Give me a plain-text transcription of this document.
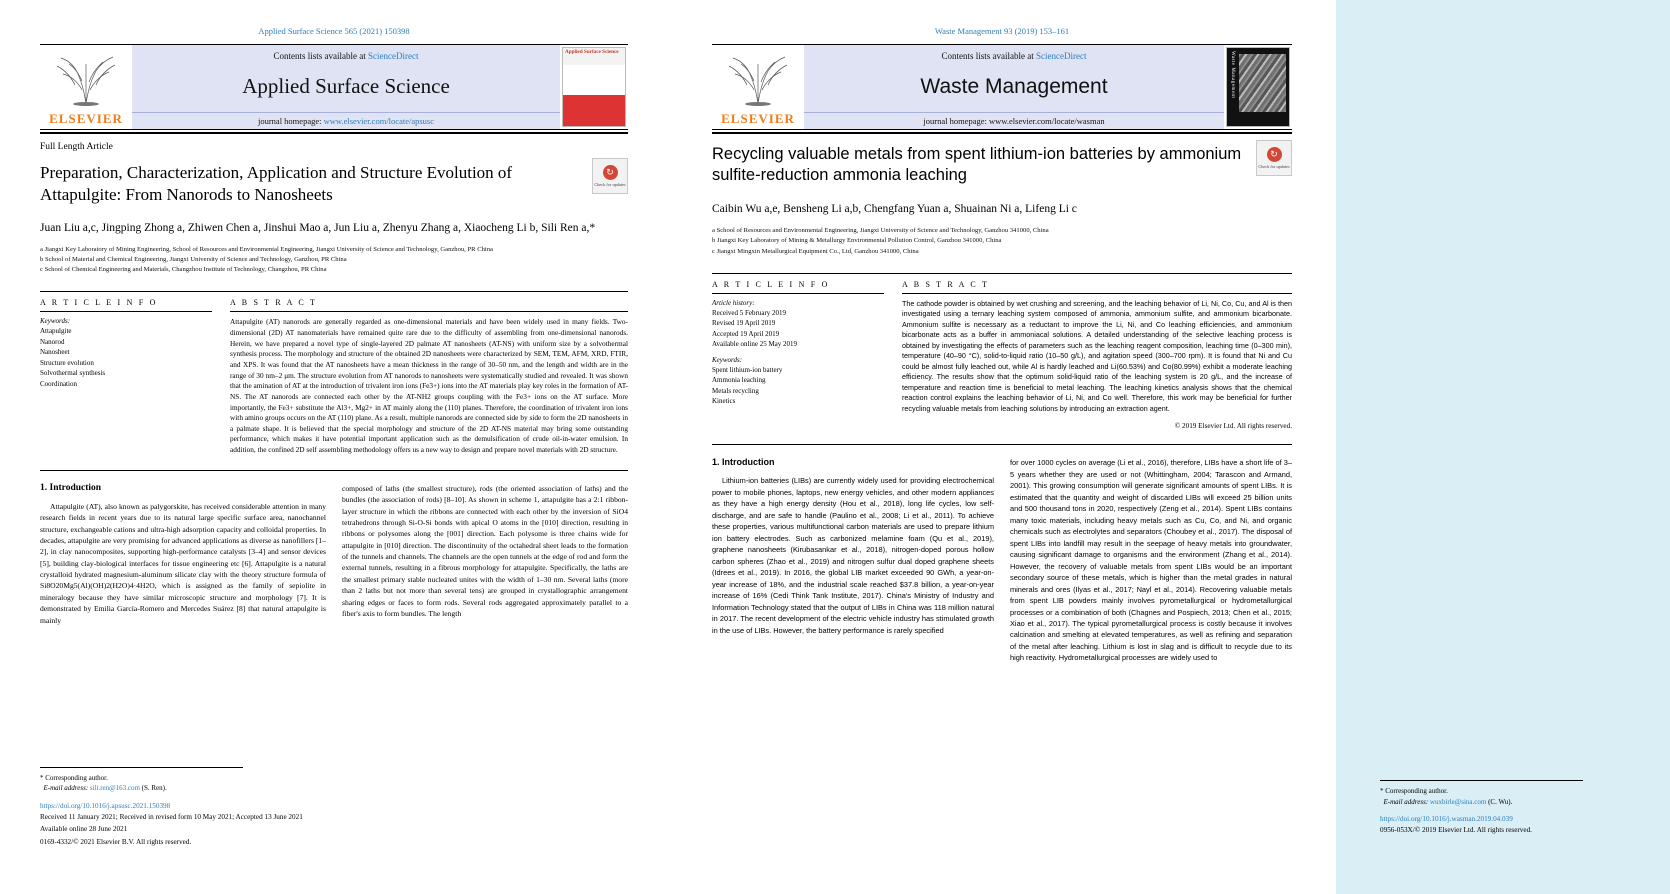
Applied Surface Science 565 (2021) 150398
ELSEVIER
Contents lists available at ScienceDirect
Applied Surface Science
journal homepage: www.elsevier.com/locate/apsusc
Applied Surface Science
Full Length Article
Preparation, Characterization, Application and Structure Evolution of Attapulgite: From Nanorods to Nanosheets
↻
Check for updates
Juan Liu a,c, Jingping Zhong a, Zhiwen Chen a, Jinshui Mao a, Jun Liu a, Zhenyu Zhang a, Xiaocheng Li b, Sili Ren a,*
a Jiangxi Key Laboratory of Mining Engineering, School of Resources and Environmental Engineering, Jiangxi University of Science and Technology, Ganzhou, PR China
b School of Material and Chemical Engineering, Jiangxi University of Science and Technology, Ganzhou, PR China
c School of Chemical Engineering and Materials, Changzhou Institute of Technology, Changzhou, PR China
A R T I C L E I N F O
Keywords:
Attapulgite
Nanorod
Nanosheet
Structure evolution
Solvothermal synthesis
Coordination
A B S T R A C T
Attapulgite (AT) nanorods are generally regarded as one-dimensional materials and have been widely used in many fields. Two-dimensional (2D) AT nanomaterials have remained quite rare due to the difficulty of assembling from one-dimensional nanorods. Herein, we have prepared a novel type of single-layered 2D palmate AT nanosheets (AT-NS) with uniform size by a solvothermal synthesis process. The morphology and structure of the obtained 2D nanosheets were characterized by SEM, TEM, AFM, XRD, FTIR, and XPS. It was found that the AT nanosheets have a mean thickness in the range of 30–50 nm, and the length and width are in the range of 30 nm–2 μm. The structure evolution from AT nanorods to nanosheets were systematically studied and revealed. It was shown that the amination of AT at the introduction of trivalent iron ions (Fe3+) ions into the AT materials play key roles in the formation of AT-NS. The AT nanorods are connected each other by the AT-NH2 groups coupling with the Fe3+ ions on the AT surface. More importantly, the Fe3+ substitute the Al3+, Mg2+ in AT mainly along the (110) planes. Therefore, the coordination of trivalent iron ions with amino groups occurs on the AT (110) plane. As a result, multiple nanorods are connected side by side to form the 2D nanosheets in a palmate shape. It is believed that the special morphology and structure of the 2D AT-NS material may bring some outstanding performance, which makes it have potential important application such as the demulsification of crude oil-in-water emulsion. In addition, the confined 2D self assembling methodology offers us a new way to design and prepare novel materials with 2D structure.
1. Introduction

Attapulgite (AT), also known as palygorskite, has received considerable attention in many research fields in recent years due to its natural large specific surface area, nanochannel structure, exchangeable cations and ultra-high adsorption capacity and colloidal properties. In decades, attapulgite are very promising for advanced applications as diverse as nanofillers [1–2], in clay nanocomposites, supporting high-performance catalysts [3–4] and sensor devices [5], building clay-biological interfaces for tissue engineering etc [6]. Attapulgite is a natural crystalloid hydrated magnesium-aluminum silicate clay with the theory structure formula of Si8O20Mg5(Al)(OH)2(H2O)4·4H2O, which is assigned as the family of sepiolite in mineralogy because they have similar microscopic structure and morphology [7]. It is demonstrated by Emilia García-Romero and Mercedes Suárez [8] that natural attapulgite is mainly

composed of laths (the smallest structure), rods (the oriented association of laths) and the bundles (the association of rods) [8–10]. As shown in scheme 1, attapulgite has a 2:1 ribbon-layer structure in which the ribbons are connected with each other by the inversion of SiO4 tetrahedrons through Si-O-Si bonds with apical O atoms in the [010] direction, resulting in ribbons or polysomes along the [001] direction. Each polysome is three chains wide for attapulgite in [010] direction. The discontinuity of the octahedral sheet leads to the formation of the tunnels and channels. The channels are the open tunnels at the edge of rod and form the external tunnels, resulting in a fibrous morphology for attapulgite. Specifically, the laths are the smallest primary stable nucleated unites with the width of 1–30 nm. Several laths (more than 2 laths but not more than several tens) are grouped in crystallographic arrangement sharing edges or faces to form rods. Several rods aggregated approximately parallel to a fiber's axis to form bundles. The length

* Corresponding author.
E-mail address: sili.ren@163.com (S. Ren).
https://doi.org/10.1016/j.apsusc.2021.150398
Received 11 January 2021; Received in revised form 10 May 2021; Accepted 13 June 2021
Available online 28 June 2021
0169-4332/© 2021 Elsevier B.V. All rights reserved.
Waste Management 93 (2019) 153–161
ELSEVIER
Contents lists available at ScienceDirect
Waste Management
journal homepage: www.elsevier.com/locate/wasman
Waste Management
Recycling valuable metals from spent lithium-ion batteries by ammonium sulfite-reduction ammonia leaching
↻
Check for updates
Caibin Wu a,e, Bensheng Li a,b, Chengfang Yuan a, Shuainan Ni a, Lifeng Li c
a School of Resources and Environmental Engineering, Jiangxi University of Science and Technology, Ganzhou 341000, China
b Jiangxi Key Laboratory of Mining & Metallurgy Environmental Pollution Control, Ganzhou 341000, China
c Jiangxi Mingxin Metallurgical Equipment Co., Ltd, Ganzhou 341000, China
A R T I C L E I N F O
Article history:
Received 5 February 2019
Revised 19 April 2019
Accepted 19 April 2019
Available online 25 May 2019
Keywords:
Spent lithium-ion battery
Ammonia leaching
Metals recycling
Kinetics
A B S T R A C T
The cathode powder is obtained by wet crushing and screening, and the leaching behavior of Li, Ni, Co, Cu, and Al is then investigated using a ternary leaching system composed of ammonia, ammonium sulfite, and ammonium bicarbonate. Ammonium sulfite is necessary as a reductant to improve the Li, Ni, and Co leaching efficiencies, and ammonium bicarbonate acts as a buffer in ammoniacal solutions. A detailed understanding of the selective leaching process is obtained by investigating the effects of parameters such as the leaching reagent composition, leaching time (0–300 min), temperature (40–90 °C), solid-to-liquid ratio (10–50 g/L), and agitation speed (300–700 rpm). It is found that Ni and Cu could be almost fully leached out, while Al is hardly leached and Li(60.53%) and Co(80.99%) exhibit a moderate leaching efficiency. The results show that the optimum solid-liquid ratio of the leaching system is 20 g/L, and the increase of temperature and reaction time is beneficial to metal leaching. The leaching kinetics analysis shows that the chemical reaction control explains the leaching behavior of Li, Ni, and Co well. Therefore, this work may be beneficial for further recycling valuable metals from leaching solutions by introducing an extraction agent.
© 2019 Elsevier Ltd. All rights reserved.
1. Introduction

Lithium-ion batteries (LIBs) are currently widely used for providing electrochemical power to mobile phones, laptops, new energy vehicles, and other modern appliances as they have a high energy density (Hou et al., 2018), long life cycles, low self-discharge, and are safe to handle (Paulino et al., 2008; Li et al., 2011). To achieve these properties, various multifunctional carbon materials are used to prepare lithium ion battery electrodes. Such as carbonized melamine foam (Qu et al., 2019), graphene nanosheets (Kirubasankar et al., 2018), nitrogen-doped porous hollow carbon spheres (Zhao et al., 2019) and nitrogen sulfur dual doped graphene sheets (Idrees et al., 2019). In 2016, the global LIB market exceeded 90 GWh, a year-on-year increase of 18%, and the industrial scale reached $37.8 billion, a year-on-year increase of 16% (Cedi Think Tank Institute, 2017). China's Ministry of Industry and Information Technology stated that the output of LIBs in China was 118 million natural in 2017. The recent development of the electric vehicle industry has stimulated growth in the use of LIBs. However, the battery performance is rarely specified

for over 1000 cycles on average (Li et al., 2016), therefore, LIBs have a short life of 3–5 years whether they are used or not (Whittingham, 2004; Tarascon and Armand, 2001). This growing consumption will generate significant amounts of spent LIBs. It is estimated that the quantity and weight of discarded LIBs will exceed 25 billion units and 500 thousand tons in 2020, respectively (Zeng et al., 2014). Spent LIBs contains many toxic materials, including heavy metals such as Cu, Co, and Ni, and organic chemicals such as electrolytes and separators (Choubey et al., 2017). The disposal of spent LIBs into landfill may result in the seepage of heavy metals into groundwater, causing significant damage to organisms and the environment (Zhang et al., 2014). However, the recovery of valuable metals from spent LIBs would be an important secondary source of these metals, which is higher than the metal grades in natural minerals and ores (Ilyas et al., 2017; Nayl et al., 2014). Recovering valuable metals from spent LIB powders mainly involves pyrometallurgical or hydrometallurgical processes or a combination of both (Chagnes and Pospiech, 2013; Chen et al., 2015; Xiao et al., 2017). The typical pyrometallurgical process is costly because it involves calcination and smelting at elevated temperatures, as well as refining and separation of the metal after leaching. Lithium is lost in slag and is difficult to recycle due to its high reactivity. Hydrometallurgical processes are widely used to

* Corresponding author.
E-mail address: wuxbirle@sina.com (C. Wu).
https://doi.org/10.1016/j.wasman.2019.04.039
0956-053X/© 2019 Elsevier Ltd. All rights reserved.
